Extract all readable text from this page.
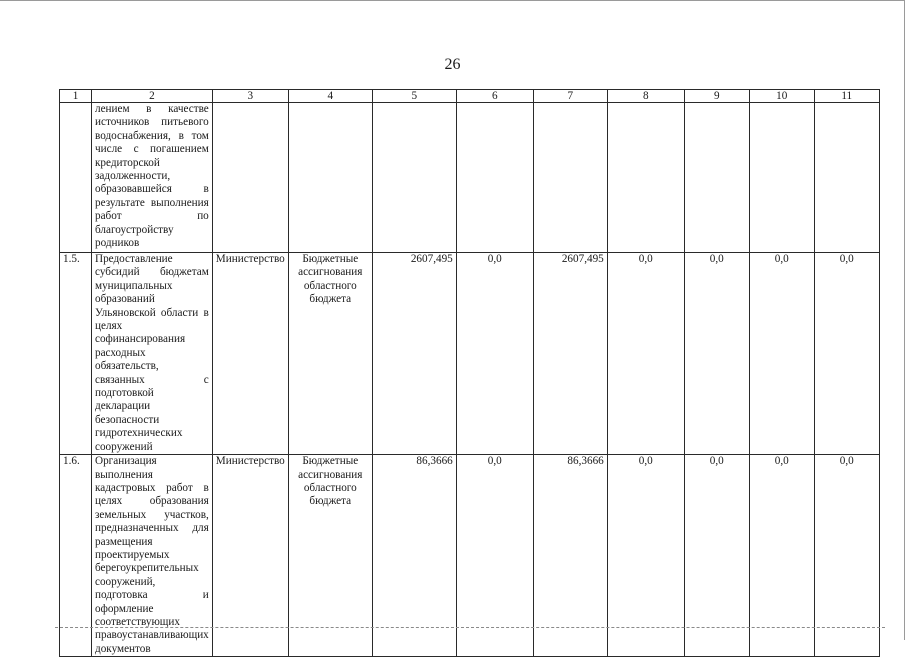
26
1	2	3	4	5	6	7	8	9	10	11
	лением в качестве источников питьевого водоснабжения, в том числе с погашением кредиторской задолженности, образовавшейся в результате выполнения работ по благоустройству родников									
1.5.	Предоставление субсидий бюджетам муниципальных образований Ульяновской области в целях софинансирования расходных обязательств, связанных с подготовкой декларации безопасности гидротехнических сооружений	Министерство	Бюджетные ассигнования областного бюджета	2607,495	0,0	2607,495	0,0	0,0	0,0	0,0
1.6.	Организация выполнения кадастровых работ в целях образования земельных участков, предназначенных для размещения проектируемых берегоукрепительных сооружений, подготовка и оформление соответствующих правоустанавливающих документов	Министерство	Бюджетные ассигнования областного бюджета	86,3666	0,0	86,3666	0,0	0,0	0,0	0,0
